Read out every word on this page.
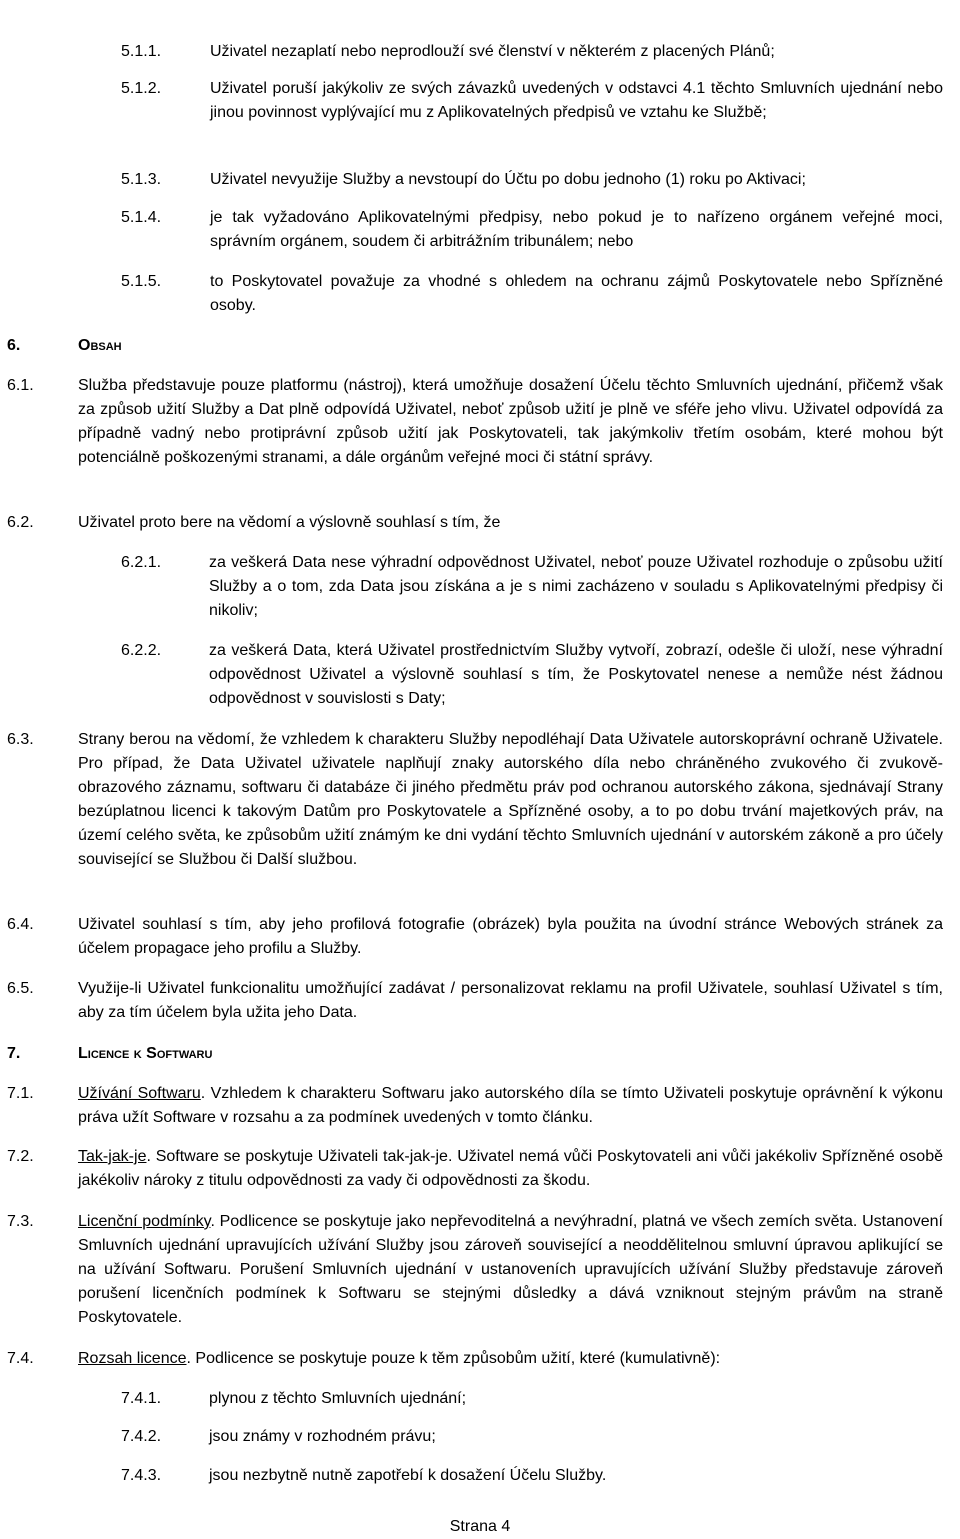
5.1.1.	Uživatel nezaplatí nebo neprodlouží své členství v některém z placených Plánů;
5.1.2.	Uživatel poruší jakýkoliv ze svých závazků uvedených v odstavci 4.1 těchto Smluvních ujednání nebo jinou povinnost vyplývající mu z Aplikovatelných předpisů ve vztahu ke Službě;
5.1.3.	Uživatel nevyužije Služby a nevstoupí do Účtu po dobu jednoho (1) roku po Aktivaci;
5.1.4.	je tak vyžadováno Aplikovatelnými předpisy, nebo pokud je to nařízeno orgánem veřejné moci, správním orgánem, soudem či arbitrážním tribunálem; nebo
5.1.5.	to Poskytovatel považuje za vhodné s ohledem na ochranu zájmů Poskytovatele nebo Spřízněné osoby.
6.	Obsah
6.1.	Služba představuje pouze platformu (nástroj), která umožňuje dosažení Účelu těchto Smluvních ujednání, přičemž však za způsob užití Služby a Dat plně odpovídá Uživatel, neboť způsob užití je plně ve sféře jeho vlivu. Uživatel odpovídá za případně vadný nebo protiprávní způsob užití jak Poskytovateli, tak jakýmkoliv třetím osobám, které mohou být potenciálně poškozenými stranami, a dále orgánům veřejné moci či státní správy.
6.2.	Uživatel proto bere na vědomí a výslovně souhlasí s tím, že
6.2.1.	za veškerá Data nese výhradní odpovědnost Uživatel, neboť pouze Uživatel rozhoduje o způsobu užití Služby a o tom, zda Data jsou získána a je s nimi zacházeno v souladu s Aplikovatelnými předpisy či nikoliv;
6.2.2.	za veškerá Data, která Uživatel prostřednictvím Služby vytvoří, zobrazí, odešle či uloží, nese výhradní odpovědnost Uživatel a výslovně souhlasí s tím, že Poskytovatel nenese a nemůže nést žádnou odpovědnost v souvislosti s Daty;
6.3.	Strany berou na vědomí, že vzhledem k charakteru Služby nepodléhají Data Uživatele autorskoprávní ochraně Uživatele. Pro případ, že Data Uživatel uživatele naplňují znaky autorského díla nebo chráněného zvukového či zvukově-obrazového záznamu, softwaru či databáze či jiného předmětu práv pod ochranou autorského zákona, sjednávají Strany bezúplatnou licenci k takovým Datům pro Poskytovatele a Spřízněné osoby, a to po dobu trvání majetkových práv, na území celého světa, ke způsobům užití známým ke dni vydání těchto Smluvních ujednání v autorském zákoně a pro účely související se Službou či Další službou.
6.4.	Uživatel souhlasí s tím, aby jeho profilová fotografie (obrázek) byla použita na úvodní stránce Webových stránek za účelem propagace jeho profilu a Služby.
6.5.	Využije-li Uživatel funkcionalitu umožňující zadávat / personalizovat reklamu na profil Uživatele, souhlasí Uživatel s tím, aby za tím účelem byla užita jeho Data.
7.	Licence k Softwaru
7.1.	Užívání Softwaru. Vzhledem k charakteru Softwaru jako autorského díla se tímto Uživateli poskytuje oprávnění k výkonu práva užít Software v rozsahu a za podmínek uvedených v tomto článku.
7.2.	Tak-jak-je. Software se poskytuje Uživateli tak-jak-je. Uživatel nemá vůči Poskytovateli ani vůči jakékoliv Spřízněné osobě jakékoliv nároky z titulu odpovědnosti za vady či odpovědnosti za škodu.
7.3.	Licenční podmínky. Podlicence se poskytuje jako nepřevoditelná a nevýhradní, platná ve všech zemích světa. Ustanovení Smluvních ujednání upravujících užívání Služby jsou zároveň související a neoddělitelnou smluvní úpravou aplikující se na užívání Softwaru. Porušení Smluvních ujednání v ustanoveních upravujících užívání Služby představuje zároveň porušení licenčních podmínek k Softwaru se stejnými důsledky a dává vzniknout stejným právům na straně Poskytovatele.
7.4.	Rozsah licence. Podlicence se poskytuje pouze k těm způsobům užití, které (kumulativně):
7.4.1.	plynou z těchto Smluvních ujednání;
7.4.2.	jsou známy v rozhodném právu;
7.4.3.	jsou nezbytně nutně zapotřebí k dosažení Účelu Služby.
Strana 4
